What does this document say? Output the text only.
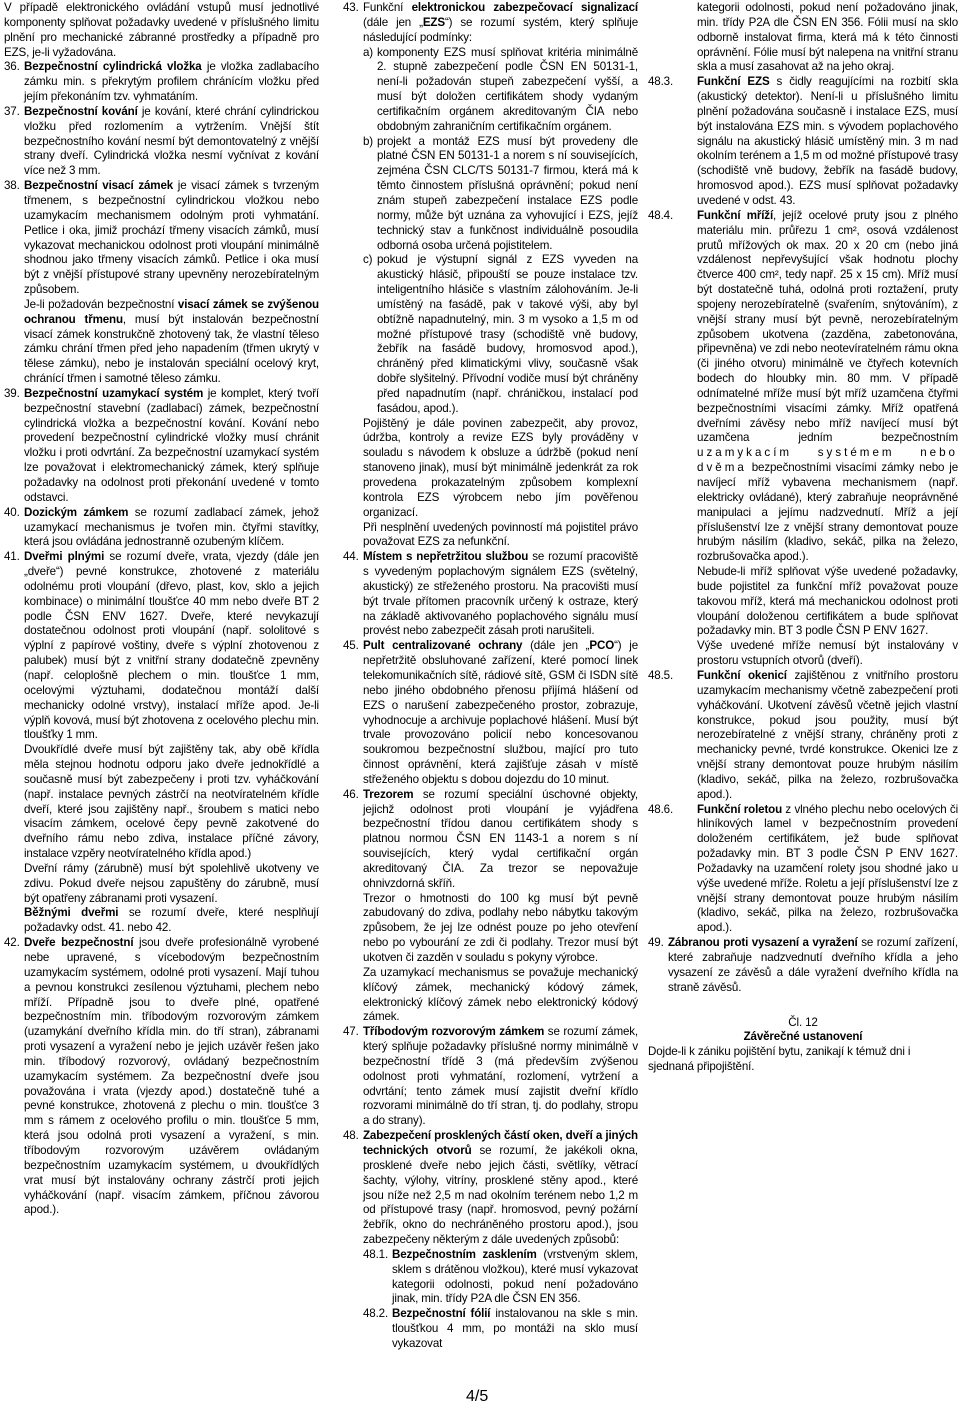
V případě elektronického ovládání vstupů musí jednotlivé komponenty splňovat požadavky uvedené v příslušného limitu plnění pro mechanické zábranné prostředky a případně pro EZS, je-li vyžadována.

36. Bezpečnostní cylindrická vložka je vložka zadlabacího zámku min. s překrytým profilem chránícím vložku před jejím překonáním tzv. vyhmatáním.
37. Bezpečnostní kování je kování, které chrání cylindrickou vložku před rozlomením a vytržením. Vnější štít bezpečnostního kování nesmí být demontovatelný z vnější strany dveří. Cylindrická vložka nesmí vyčnívat z kování více než 3 mm.
38. Bezpečnostní visací zámek je visací zámek s tvrzeným třmenem, s bezpečnostní cylindrickou vložkou nebo uzamykacím mechanismem odolným proti vyhmatání. Petlice i oka, jimiž prochází třmeny visacích zámků, musí vykazovat mechanickou odolnost proti vloupání minimálně shodnou jako třmeny visacích zámků. Petlice i oka musí být z vnější přístupové strany upevněny nerozebíratelným způsobem.

Je-li požadován bezpečnostní visací zámek se zvýšenou ochranou třmenu, musí být instalován bezpečnostní visací zámek konstrukčně zhotovený tak, že vlastní těleso zámku chrání třmen před jeho napadením (třmen ukrytý v tělese zámku), nebo je instalován speciální ocelový kryt, chránící třmen i samotné těleso zámku.

39. Bezpečnostní uzamykací systém je komplet, který tvoří bezpečnostní stavební (zadlabací) zámek, bezpečnostní cylindrická vložka a bezpečnostní kování. Kování nebo provedení bezpečnostní cylindrické vložky musí chránit vložku i proti odvrtání. Za bezpečnostní uzamykací systém lze považovat i elektromechanický zámek, který splňuje požadavky na odolnost proti překonání uvedené v tomto odstavci.
40. Dozickým zámkem se rozumí zadlabací zámek, jehož uzamykací mechanismus je tvořen min. čtyřmi stavítky, která jsou ovládána jednostranně ozubeným klíčem.
41. Dveřmi plnými se rozumí dveře, vrata, vjezdy (dále jen „dveře“) pevné konstrukce, zhotovené z materiálu odolnému proti vloupání (dřevo, plast, kov, sklo a jejich kombinace) o minimální tloušťce 40 mm nebo dveře BT 2 podle ČSN ENV 1627. Dveře, které nevykazují dostatečnou odolnost proti vloupání (např. sololitové s výplní z papírové voštiny, dveře s výplní zhotovenou z palubek) musí být z vnitřní strany dodatečně zpevněny (např. celoplošně plechem o min. tloušťce 1 mm, ocelovými výztuhami, dodatečnou montáží další mechanicky odolné vrstvy), instalací mříže apod. Je-li výplň kovová, musí být zhotovena z ocelového plechu min. tloušťky 1 mm.

Dvoukřídlé dveře musí být zajištěny tak, aby obě křídla měla stejnou hodnotu odporu jako dveře jednokřídlé a současně musí být zabezpečeny i proti tzv. vyháčkování (např. instalace pevných zástrčí na neotvíratelném křídle dveří, které jsou zajištěny např., šroubem s matici nebo visacím zámkem, ocelové čepy pevně zakotvené do dveřního rámu nebo zdiva, instalace příčné závory, instalace vzpěry neotvíratelného křídla apod.)

Dveřní rámy (zárubně) musí být spolehlivě ukotveny ve zdivu. Pokud dveře nejsou zapuštěny do zárubně, musí být opatřeny zábranami proti vysazení.

Běžnými dveřmi se rozumí dveře, které nesplňují požadavky odst. 41. nebo 42.

42. Dveře bezpečnostní jsou dveře profesionálně vyrobené nebe upravené, s vícebodovým bezpečnostním uzamykacím systémem, odolné proti vysazení. Mají tuhou a pevnou konstrukci zesílenou výztuhami, plechem nebo mříží. Případně jsou to dveře plné, opatřené bezpečnostním min. tříbodovým rozvorovým zámkem (uzamykání dveřního křídla min. do tří stran), zábranami proti vysazení a vyražení nebo je jejich uzávěr řešen jako min. tříbodový rozvorový, ovládaný bezpečnostním uzamykacím systémem. Za bezpečnostní dveře jsou považována i vrata (vjezdy apod.) dostatečně tuhé a pevné konstrukce, zhotovená z plechu o min. tloušťce 3 mm s rámem z ocelového profilu o min. tloušťce 5 mm, která jsou odolná proti vysazení a vyražení, s min. tříbodovým rozvorovým uzávěrem ovládaným bezpečnostním uzamykacím systémem, u dvoukřídlých vrat musí být instalovány ochrany zástrčí proti jejich vyháčkování (např. visacím zámkem, příčnou závorou apod.).
43. Funkční elektronickou zabezpečovací signalizací (dále jen „EZS“) se rozumí systém, který splňuje následující podmínky:
a) komponenty EZS musí splňovat kritéria minimálně 2. stupně zabezpečení podle ČSN EN 50131-1, není-li požadován stupeň zabezpečení vyšší, a musí být doložen certifikátem shody vydaným certifikačním orgánem akreditovaným ČIA nebo obdobným zahraničním certifikačním orgánem.
b) projekt a montáž EZS musí být provedeny dle platné ČSN EN 50131-1 a norem s ní souvisejících, zejména ČSN CLC/TS 50131-7 firmou, která má k těmto činnostem příslušná oprávnění; pokud není znám stupeň zabezpečení instalace EZS podle normy, může být uznána za vyhovující i EZS, jejíž technický stav a funkčnost individuálně posoudila odborná osoba určená pojistitelem.
c) pokud je výstupní signál z EZS vyveden na akustický hlásič, připouští se pouze instalace tzv. inteligentního hlásiče s vlastním zálohováním. Je-li umístěný na fasádě, pak v takové výši, aby byl obtížně napadnutelný, min. 3 m vysoko a 1,5 m od možné přístupové trasy (schodiště vně budovy, žebřík na fasádě budovy, hromosvod apod.), chráněný před klimatickými vlivy, současně však dobře slyšitelný. Přívodní vodiče musí být chráněny před napadnutím (např. chráničkou, instalací pod fasádou, apod.).

Pojištěný je dále povinen zabezpečit, aby provoz, údržba, kontroly a revize EZS byly prováděny v souladu s návodem k obsluze a údržbě (pokud není stanoveno jinak), musí být minimálně jedenkrát za rok provedena prokazatelným způsobem komplexní kontrola EZS výrobcem nebo jím pověřenou organizací.

Při nesplnění uvedených povinností má pojistitel právo považovat EZS za nefunkční.

44. Místem s nepřetržitou službou se rozumí pracoviště s vyvedeným poplachovým signálem EZS (světelný, akustický) ze střeženého prostoru. Na pracovišti musí být trvale přítomen pracovník určený k ostraze, který na základě aktivovaného poplachového signálu musí provést nebo zabezpečit zásah proti narušiteli.
45. Pult centralizované ochrany (dále jen „PCO“) je nepřetržitě obsluhované zařízení, které pomocí linek telekomunikačních sítě, rádiové sítě, GSM či ISDN sítě nebo jiného obdobného přenosu přijímá hlášení od EZS o narušení zabezpečeného prostor, zobrazuje, vyhodnocuje a archivuje poplachové hlášení. Musí být trvale provozováno policií nebo koncesovanou soukromou bezpečnostní službou, mající pro tuto činnost oprávnění, která zajišťuje zásah v místě střeženého objektu s dobou dojezdu do 10 minut.
46. Trezorem se rozumí speciální úschovné objekty, jejichž odolnost proti vloupání je vyjádřena bezpečnostní třídou danou certifikátem shody s platnou normou ČSN EN 1143-1 a norem s ní souvisejících, který vydal certifikační orgán akreditovaný ČIA. Za trezor se nepovažuje ohnivzdorná skříň.

Trezor o hmotnosti do 100 kg musí být pevně zabudovaný do zdiva, podlahy nebo nábytku takovým způsobem, že jej lze odnést pouze po jeho otevření nebo po vybourání ze zdi či podlahy. Trezor musí být ukotven či zazděn v souladu s pokyny výrobce.

Za uzamykací mechanismus se považuje mechanický klíčový zámek, mechanický kódový zámek, elektronický klíčový zámek nebo elektronický kódový zámek.

47. Tříbodovým rozvorovým zámkem se rozumí zámek, který splňuje požadavky příslušné normy minimálně v bezpečnostní třídě 3 (má především zvýšenou odolnost proti vyhmatání, rozlomení, vytržení a odvrtání; tento zámek musí zajistit dveřní křídlo rozvorami minimálně do tří stran, tj. do podlahy, stropu a do strany).
48. Zabezpečení prosklených částí oken, dveří a jiných technických otvorů se rozumí, že jakékoli okna, prosklené dveře nebo jejich části, světlíky, větrací šachty, výlohy, vitríny, prosklené stěny apod., které jsou níže než 2,5 m nad okolním terénem nebo 1,2 m od přístupové trasy (např. hromosvod, pevný požární žebřík, okno do nechráněného prostoru apod.), jsou zabezpečeny některým z dále uvedených způsobů:
48.1. Bezpečnostním zasklením (vrstveným sklem, sklem s drátěnou vložkou), které musí vykazovat kategorii odolnosti, pokud není požadováno jinak, min. třídy P2A dle ČSN EN 356.
48.2. Bezpečnostní fólií instalovanou na skle s min. tloušťkou 4 mm, po montáži na sklo musí vykazovat

kategorii odolnosti, pokud není požadováno jinak, min. třídy P2A dle ČSN EN 356. Fólii musí na sklo odborně instalovat firma, která má k této činnosti oprávnění. Fólie musí být nalepena na vnitřní stranu skla a musí zasahovat až na jeho okraj.

48.3. Funkční EZS s čidly reagujícími na rozbití skla (akustický detektor). Není-li u příslušného limitu plnění požadována současně i instalace EZS, musí být instalována EZS min. s vývodem poplachového signálu na akustický hlásič umístěný min. 3 m nad okolním terénem a 1,5 m od možné přístupové trasy (schodiště vně budovy, žebřík na fasádě budovy, hromosvod apod.). EZS musí splňovat požadavky uvedené v odst. 43.
48.4. Funkční mříží, jejíž ocelové pruty jsou z plného materiálu min. průřezu 1 cm², osová vzdálenost prutů mřížových ok max. 20 x 20 cm (nebo jiná vzdálenost nepřevyšující však hodnotu plochy čtverce 400 cm², tedy např. 25 x 15 cm). Mříž musí být dostatečně tuhá, odolná proti roztažení, pruty spojeny nerozebíratelně (svařením, snýtováním), z vnější strany musí být pevně, nerozebíratelným způsobem ukotvena (zazděna, zabetonována, připevněna) ve zdi nebo neotevíratelném rámu okna (či jiného otvoru) minimálně ve čtyřech kotevních bodech do hloubky min. 80 mm. V případě odnímatelné mříže musí být mříž uzamčena čtyřmi bezpečnostními visacími zámky. Mříž opatřená dveřními závěsy nebo mříž navíjecí musí být uzamčena jedním bezpečnostním uzamykacím systémem nebo dvěma bezpečnostními visacími zámky nebo je navíjecí mříž vybavena mechanismem (např. elektricky ovládané), který zabraňuje neoprávněné manipulaci a jejímu nadzvednutí. Mříž a její příslušenství lze z vnější strany demontovat pouze hrubým násilím (kladivo, sekáč, pilka na železo, rozbrušovačka apod.).

Nebude-li mříž splňovat výše uvedené požadavky, bude pojistitel za funkční mříž považovat pouze takovou mříž, která má mechanickou odolnost proti vloupání doloženou certifikátem a bude splňovat požadavky min. BT 3 podle ČSN P ENV 1627.

Výše uvedené mříže nemusí být instalovány v prostoru vstupních otvorů (dveří).

48.5. Funkční okenicí zajištěnou z vnitřního prostoru uzamykacím mechanismy včetně zabezpečení proti vyháčkování. Ukotvení závěsů včetně jejich vlastní konstrukce, pokud jsou použity, musí být nerozebíratelné z vnější strany, chráněny proti z mechanicky pevné, tvrdé konstrukce. Okenici lze z vnější strany demontovat pouze hrubým násilím (kladivo, sekáč, pilka na železo, rozbrušovačka apod.).
48.6. Funkční roletou z vlného plechu nebo ocelových či hliníkových lamel v bezpečnostním provedení doloženém certifikátem, jež bude splňovat požadavky min. BT 3 podle ČSN P ENV 1627. Požadavky na uzamčení rolety jsou shodné jako u výše uvedené mříže. Roletu a její příslušenství lze z vnější strany demontovat pouze hrubým násilím (kladivo, sekáč, pilka na železo, rozbrušovačka apod.).
49. Zábranou proti vysazení a vyražení se rozumí zařízení, které zabraňuje nadzvednutí dveřního křídla a jeho vysazení ze závěsů a dále vyražení dveřního křídla na straně závěsů.

Čl. 12

Závěrečné ustanovení

Dojde-li k zániku pojištění bytu, zanikají k témuž dni i sjednaná připojištění.

4/5
